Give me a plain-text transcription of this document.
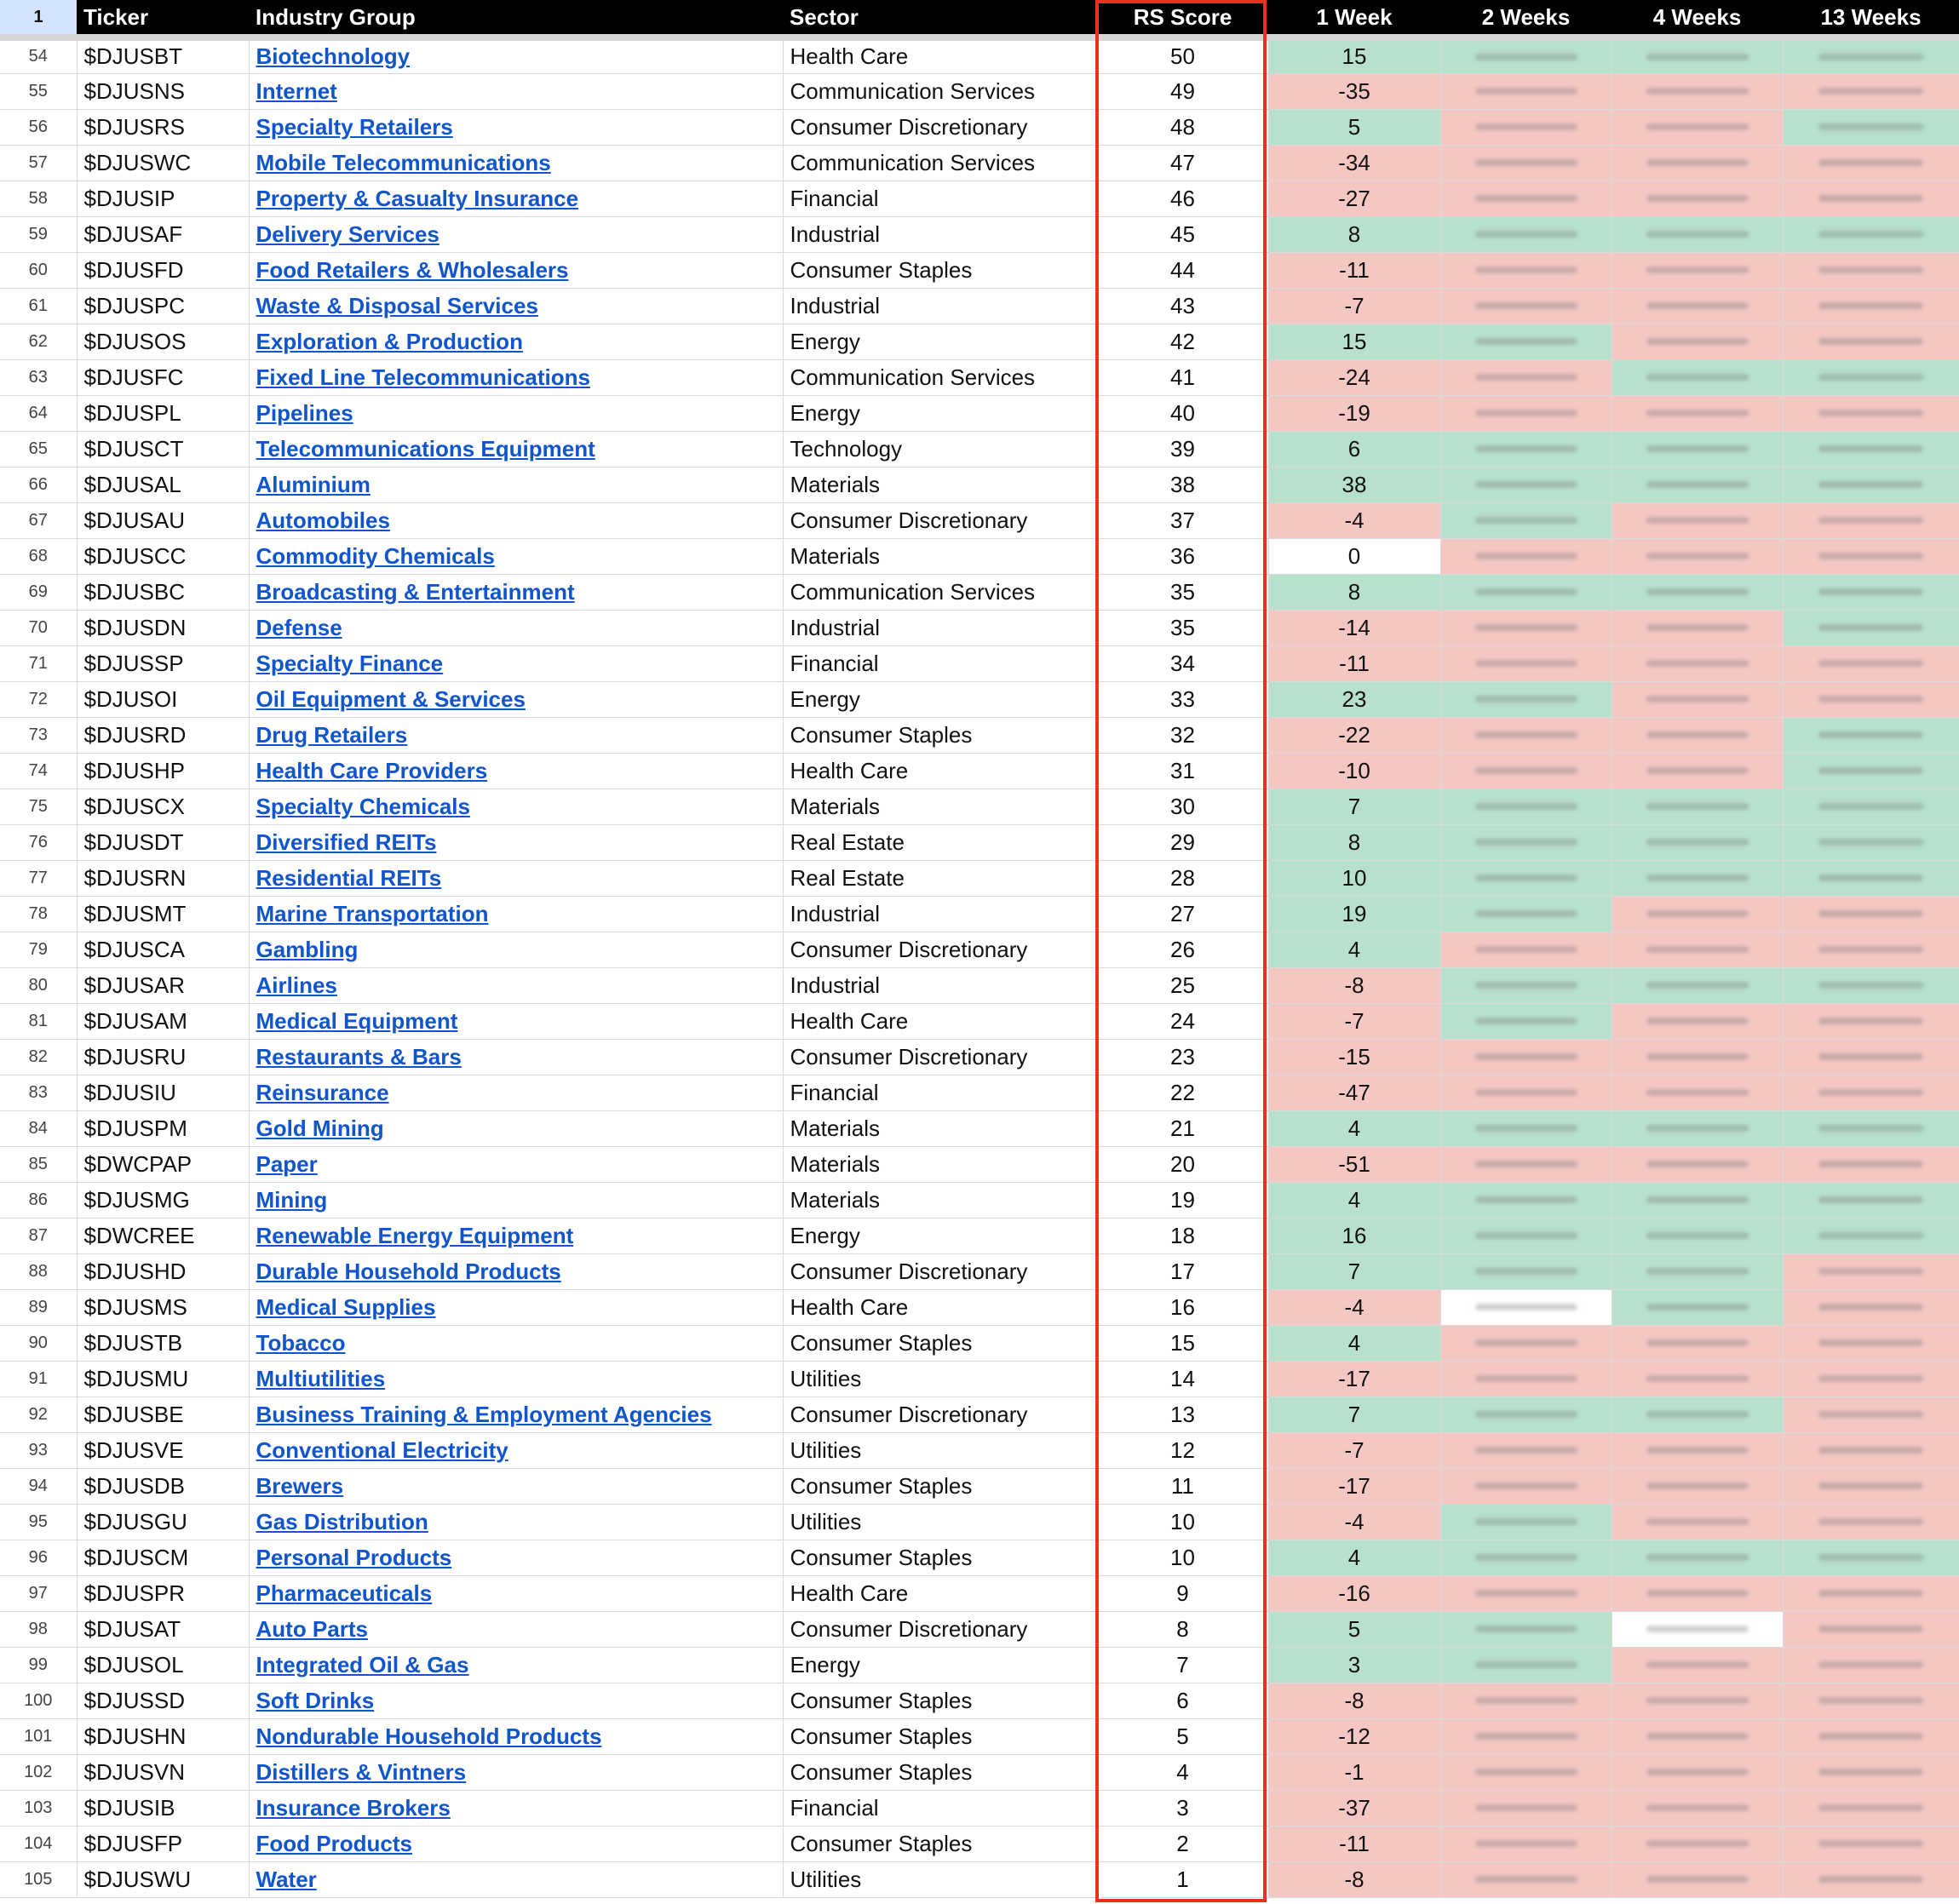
1	Ticker	Industry Group	Sector	RS Score	1 Week	2 Weeks	4 Weeks	13 Weeks
54	$DJUSBT	Biotechnology	Health Care	50	15	

55	$DJUSNS	Internet	Communication Services	49	-35	

56	$DJUSRS	Specialty Retailers	Consumer Discretionary	48	5	

57	$DJUSWC	Mobile Telecommunications	Communication Services	47	-34	

58	$DJUSIP	Property & Casualty Insurance	Financial	46	-27	

59	$DJUSAF	Delivery Services	Industrial	45	8	

60	$DJUSFD	Food Retailers & Wholesalers	Consumer Staples	44	-11	

61	$DJUSPC	Waste & Disposal Services	Industrial	43	-7	

62	$DJUSOS	Exploration & Production	Energy	42	15	

63	$DJUSFC	Fixed Line Telecommunications	Communication Services	41	-24	

64	$DJUSPL	Pipelines	Energy	40	-19	

65	$DJUSCT	Telecommunications Equipment	Technology	39	6	

66	$DJUSAL	Aluminium	Materials	38	38	

67	$DJUSAU	Automobiles	Consumer Discretionary	37	-4	

68	$DJUSCC	Commodity Chemicals	Materials	36	0	

69	$DJUSBC	Broadcasting & Entertainment	Communication Services	35	8	

70	$DJUSDN	Defense	Industrial	35	-14	

71	$DJUSSP	Specialty Finance	Financial	34	-11	

72	$DJUSOI	Oil Equipment & Services	Energy	33	23	

73	$DJUSRD	Drug Retailers	Consumer Staples	32	-22	

74	$DJUSHP	Health Care Providers	Health Care	31	-10	

75	$DJUSCX	Specialty Chemicals	Materials	30	7	

76	$DJUSDT	Diversified REITs	Real Estate	29	8	

77	$DJUSRN	Residential REITs	Real Estate	28	10	

78	$DJUSMT	Marine Transportation	Industrial	27	19	

79	$DJUSCA	Gambling	Consumer Discretionary	26	4	

80	$DJUSAR	Airlines	Industrial	25	-8	

81	$DJUSAM	Medical Equipment	Health Care	24	-7	

82	$DJUSRU	Restaurants & Bars	Consumer Discretionary	23	-15	

83	$DJUSIU	Reinsurance	Financial	22	-47	

84	$DJUSPM	Gold Mining	Materials	21	4	

85	$DWCPAP	Paper	Materials	20	-51	

86	$DJUSMG	Mining	Materials	19	4	

87	$DWCREE	Renewable Energy Equipment	Energy	18	16	

88	$DJUSHD	Durable Household Products	Consumer Discretionary	17	7	

89	$DJUSMS	Medical Supplies	Health Care	16	-4	

90	$DJUSTB	Tobacco	Consumer Staples	15	4	

91	$DJUSMU	Multiutilities	Utilities	14	-17	

92	$DJUSBE	Business Training & Employment Agencies	Consumer Discretionary	13	7	

93	$DJUSVE	Conventional Electricity	Utilities	12	-7	

94	$DJUSDB	Brewers	Consumer Staples	11	-17	

95	$DJUSGU	Gas Distribution	Utilities	10	-4	

96	$DJUSCM	Personal Products	Consumer Staples	10	4	

97	$DJUSPR	Pharmaceuticals	Health Care	9	-16	

98	$DJUSAT	Auto Parts	Consumer Discretionary	8	5	

99	$DJUSOL	Integrated Oil & Gas	Energy	7	3	

100	$DJUSSD	Soft Drinks	Consumer Staples	6	-8	

101	$DJUSHN	Nondurable Household Products	Consumer Staples	5	-12	

102	$DJUSVN	Distillers & Vintners	Consumer Staples	4	-1	

103	$DJUSIB	Insurance Brokers	Financial	3	-37	

104	$DJUSFP	Food Products	Consumer Staples	2	-11	

105	$DJUSWU	Water	Utilities	1	-8	
